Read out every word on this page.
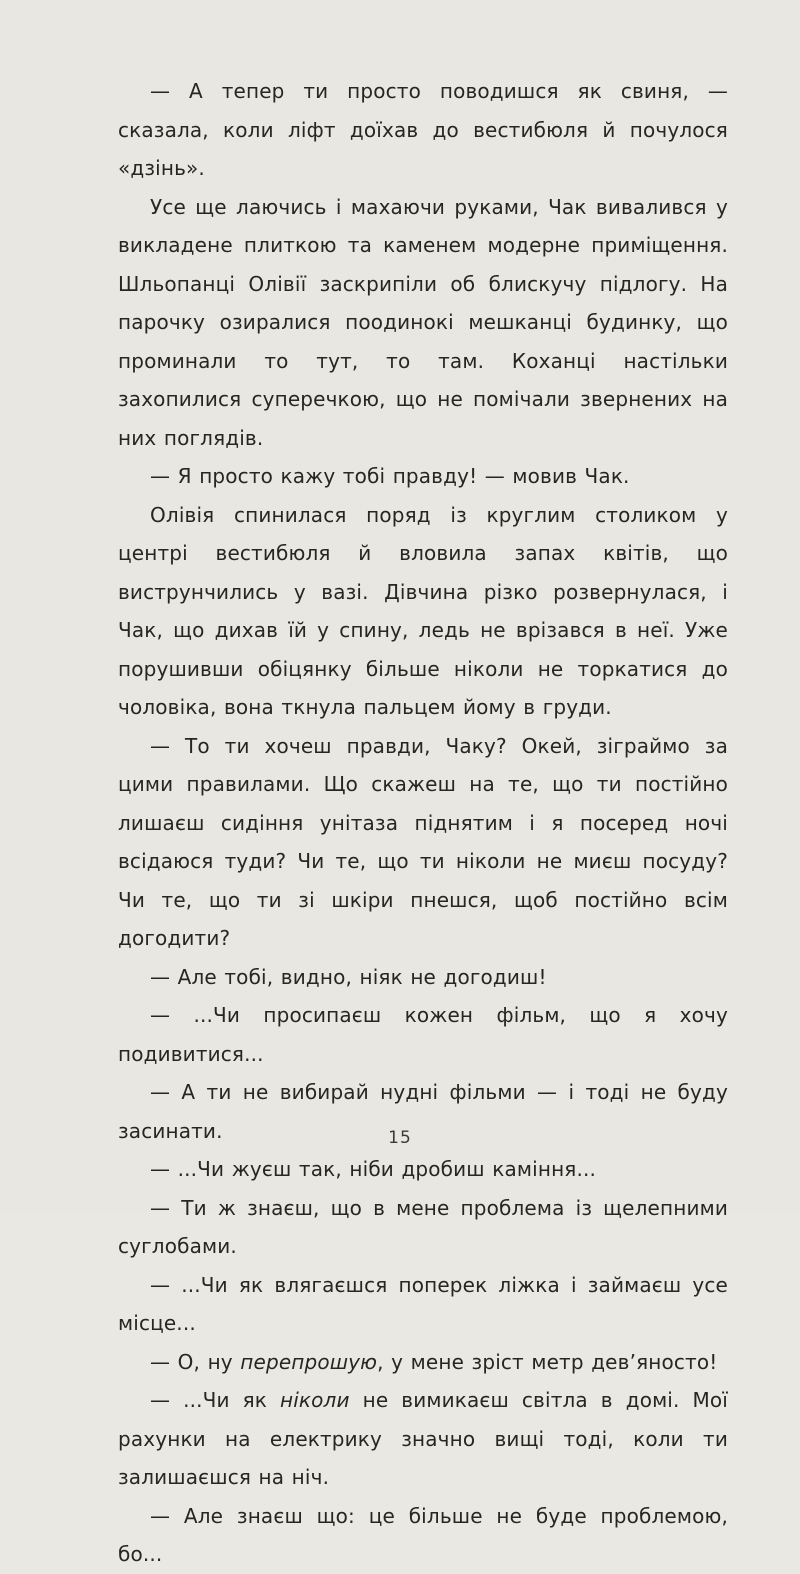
— А тепер ти просто поводишся як свиня, — сказала, коли ліфт доїхав до вестибюля й почулося «дзінь».

Усе ще лаючись і махаючи руками, Чак вивалився у викладене плиткою та каменем модерне приміщення. Шльопанці Олівії заскрипіли об блискучу підлогу. На парочку озиралися поодинокі мешканці будинку, що проминали то тут, то там. Коханці настільки захопилися суперечкою, що не помічали звернених на них поглядів.

— Я просто кажу тобі правду! — мовив Чак.

Олівія спинилася поряд із круглим столиком у центрі вестибюля й вловила запах квітів, що виструнчились у вазі. Дівчина різко розвернулася, і Чак, що дихав їй у спину, ледь не врізався в неї. Уже порушивши обіцянку більше ніколи не торкатися до чоловіка, вона ткнула пальцем йому в груди.

— То ти хочеш правди, Чаку? Окей, зіграймо за цими правилами. Що скажеш на те, що ти постійно лишаєш сидіння унітаза піднятим і я посеред ночі всідаюся туди? Чи те, що ти ніколи не миєш посуду? Чи те, що ти зі шкіри пнешся, щоб постійно всім догодити?

— Але тобі, видно, ніяк не догодиш!

— ...Чи просипаєш кожен фільм, що я хочу подивитися...

— А ти не вибирай нудні фільми — і тоді не буду засинати.

— ...Чи жуєш так, ніби дробиш каміння...

— Ти ж знаєш, що в мене проблема із щелепними суглобами.

— ...Чи як влягаєшся поперек ліжка і займаєш усе місце...

— О, ну перепрошую, у мене зріст метр дев’яносто!

— ...Чи як ніколи не вимикаєш світла в домі. Мої рахунки на електрику значно вищі тоді, коли ти залишаєшся на ніч.

— Але знаєш що: це більше не буде проблемою, бо...

15
